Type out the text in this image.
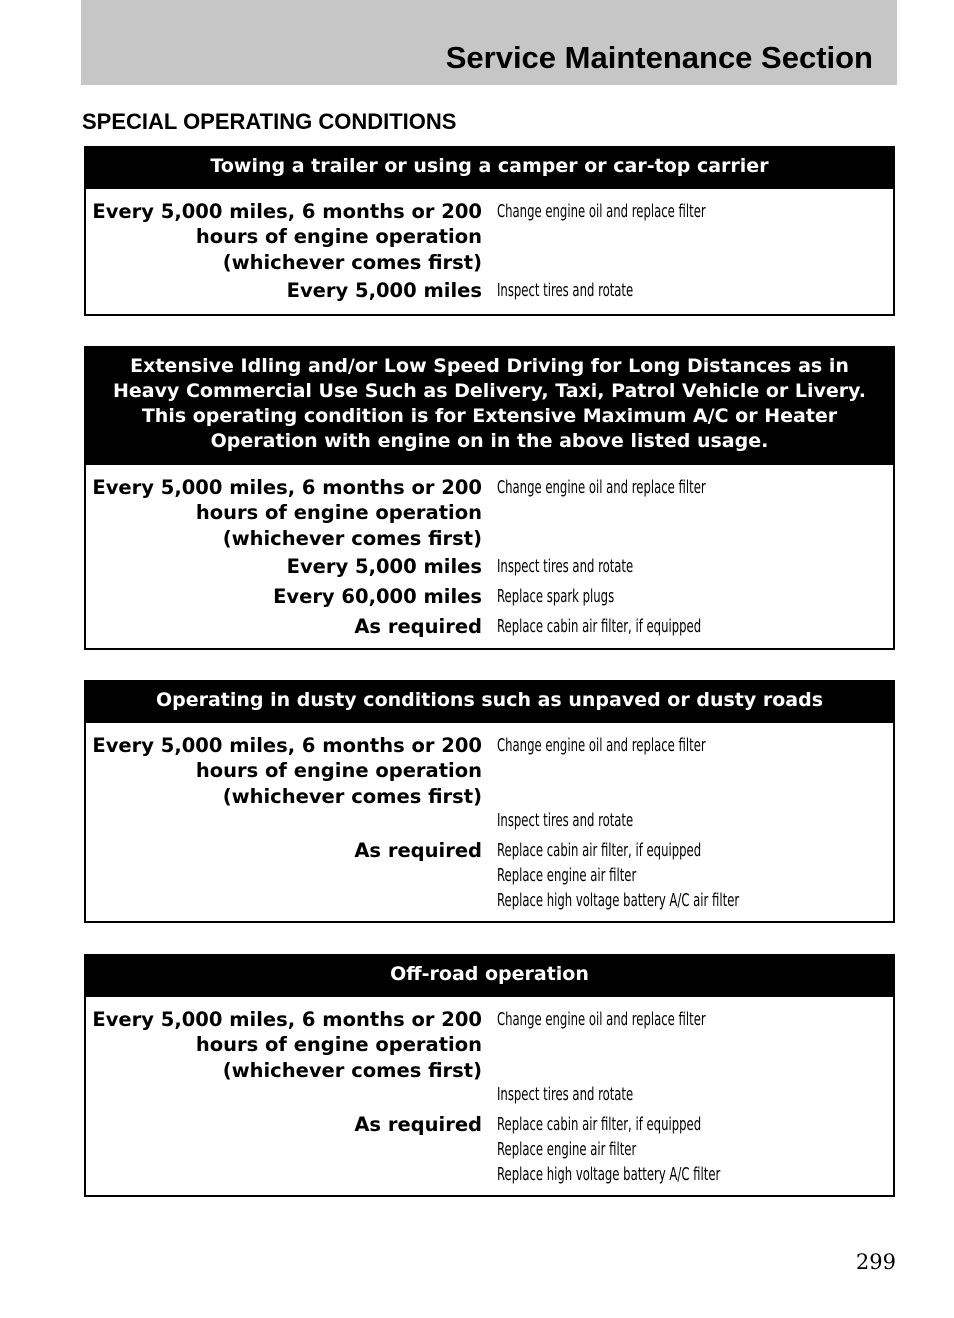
Service Maintenance Section
SPECIAL OPERATING CONDITIONS
Towing a trailer or using a camper or car-top carrier
Every 5,000 miles, 6 months or 200
hours of engine operation
(whichever comes first)
Change engine oil and replace filter
Every 5,000 miles Inspect tires and rotate
Extensive Idling and/or Low Speed Driving for Long Distances as in Heavy Commercial Use Such as Delivery, Taxi, Patrol Vehicle or Livery. This operating condition is for Extensive Maximum A/C or Heater Operation with engine on in the above listed usage.
Every 5,000 miles, 6 months or 200
hours of engine operation
(whichever comes first)
Change engine oil and replace filter
Every 5,000 miles Inspect tires and rotate
Every 60,000 miles Replace spark plugs
As required Replace cabin air filter, if equipped
Operating in dusty conditions such as unpaved or dusty roads
Every 5,000 miles, 6 months or 200
hours of engine operation
(whichever comes first)
Change engine oil and replace filter
Inspect tires and rotate
As required Replace cabin air filter, if equipped
Replace engine air filter
Replace high voltage battery A/C air filter
Off-road operation
Every 5,000 miles, 6 months or 200
hours of engine operation
(whichever comes first)
Change engine oil and replace filter
Inspect tires and rotate
As required Replace cabin air filter, if equipped
Replace engine air filter
Replace high voltage battery A/C filter
299
